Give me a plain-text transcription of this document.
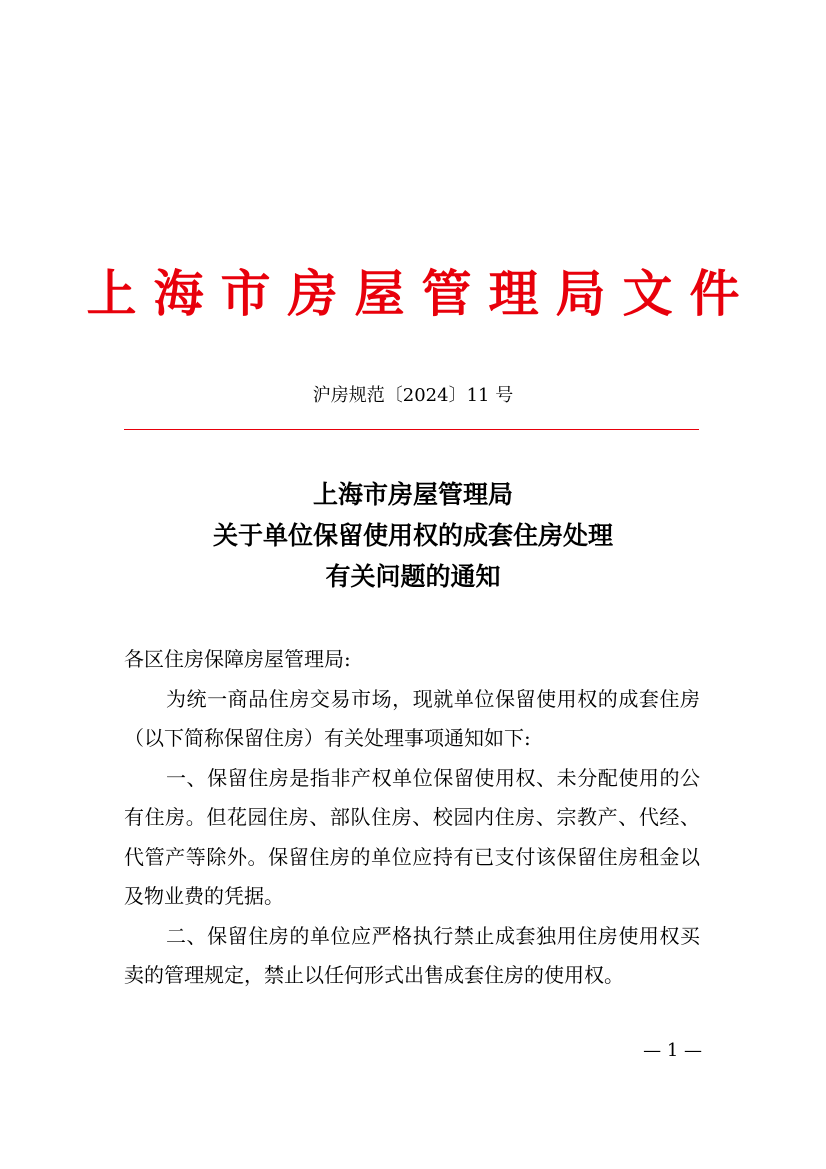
上海市房屋管理局文件
沪房规范〔2024〕11 号
上海市房屋管理局
关于单位保留使用权的成套住房处理
有关问题的通知

各区住房保障房屋管理局:

为统一商品住房交易市场，现就单位保留使用权的成套住房（以下简称保留住房）有关处理事项通知如下:

一、保留住房是指非产权单位保留使用权、未分配使用的公有住房。但花园住房、部队住房、校园内住房、宗教产、代经、代管产等除外。保留住房的单位应持有已支付该保留住房租金以及物业费的凭据。

二、保留住房的单位应严格执行禁止成套独用住房使用权买卖的管理规定，禁止以任何形式出售成套住房的使用权。

— 1 —
